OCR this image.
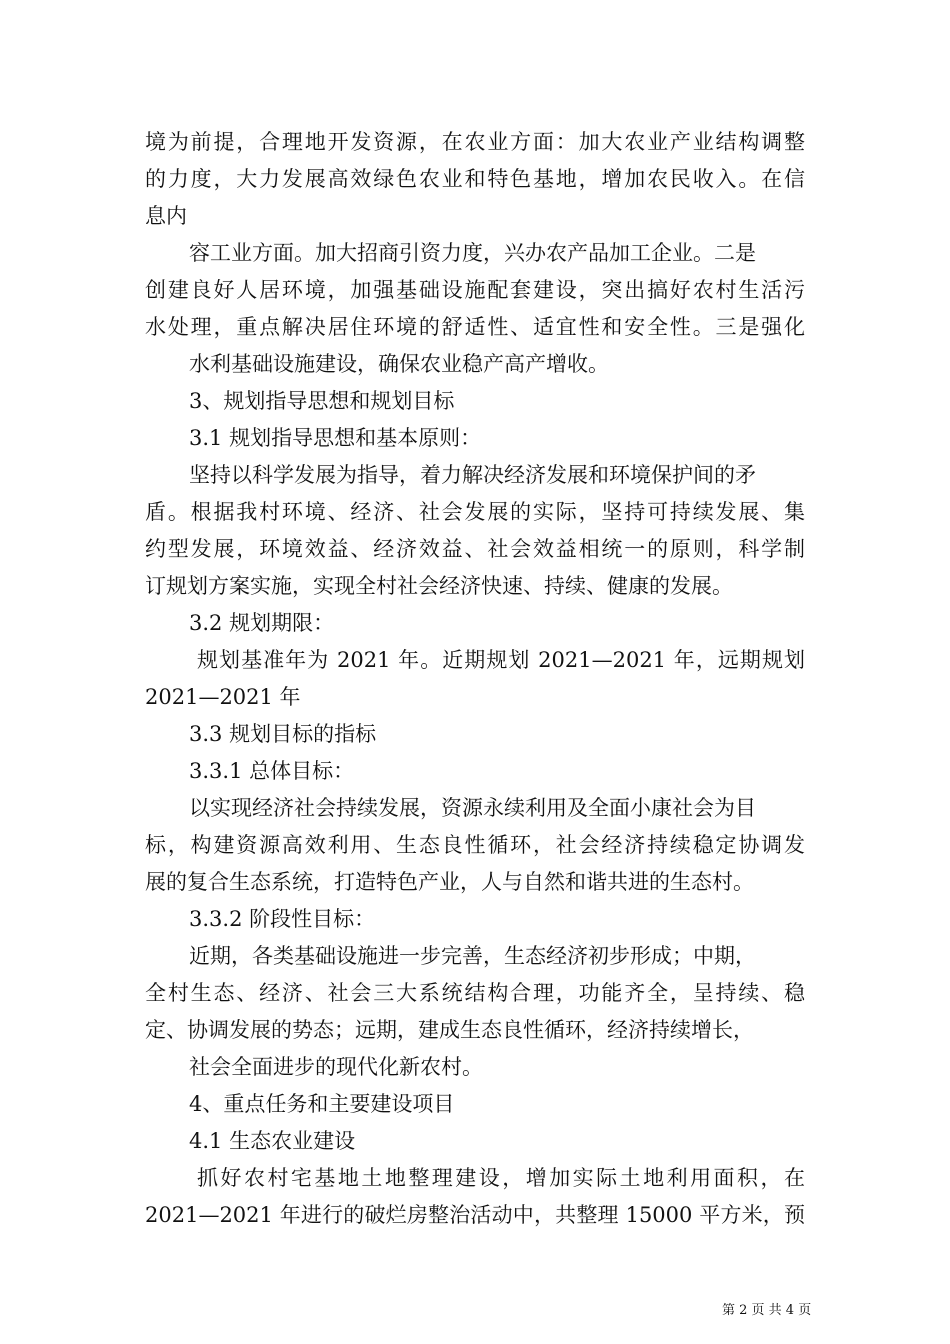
境为前提，合理地开发资源，在农业方面：加大农业产业结构调整
的力度，大力发展高效绿色农业和特色基地，增加农民收入。在信
息内
容工业方面。加大招商引资力度，兴办农产品加工企业。二是
创建良好人居环境，加强基础设施配套建设，突出搞好农村生活污
水处理，重点解决居住环境的舒适性、适宜性和安全性。三是强化
水利基础设施建设，确保农业稳产高产增收。
3、规划指导思想和规划目标
3.1 规划指导思想和基本原则：
坚持以科学发展为指导，着力解决经济发展和环境保护间的矛
盾。根据我村环境、经济、社会发展的实际，坚持可持续发展、集
约型发展，环境效益、经济效益、社会效益相统一的原则，科学制
订规划方案实施，实现全村社会经济快速、持续、健康的发展。
3.2 规划期限：
规划基准年为 2021 年。近期规划 2021—2021 年，远期规划
2021—2021 年
3.3 规划目标的指标
3.3.1 总体目标：
以实现经济社会持续发展，资源永续利用及全面小康社会为目
标，构建资源高效利用、生态良性循环，社会经济持续稳定协调发
展的复合生态系统，打造特色产业，人与自然和谐共进的生态村。
3.3.2 阶段性目标：
近期，各类基础设施进一步完善，生态经济初步形成；中期，
全村生态、经济、社会三大系统结构合理，功能齐全，呈持续、稳
定、协调发展的势态；远期，建成生态良性循环，经济持续增长，
社会全面进步的现代化新农村。
4、重点任务和主要建设项目
4.1 生态农业建设
抓好农村宅基地土地整理建设，增加实际土地利用面积，在
2021—2021 年进行的破烂房整治活动中，共整理 15000 平方米，预
第 2 页 共 4 页
